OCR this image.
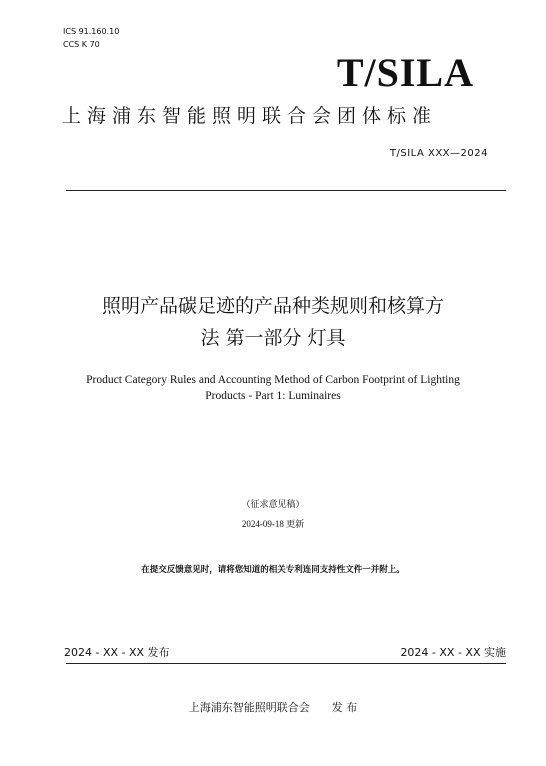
ICS 91.160.10
CCS K 70
T/SILA
上海浦东智能照明联合会团体标准
T/SILA XXX—2024
照明产品碳足迹的产品种类规则和核算方
法 第一部分 灯具
Product Category Rules and Accounting Method of Carbon Footprint of Lighting
Products - Part 1: Luminaires
（征求意见稿）
2024-09-18 更新
在提交反馈意见时，请将您知道的相关专利连同支持性文件一并附上。
2024 - XX - XX 发布	2024 - XX - XX 实施
上海浦东智能照明联合会 发 布
